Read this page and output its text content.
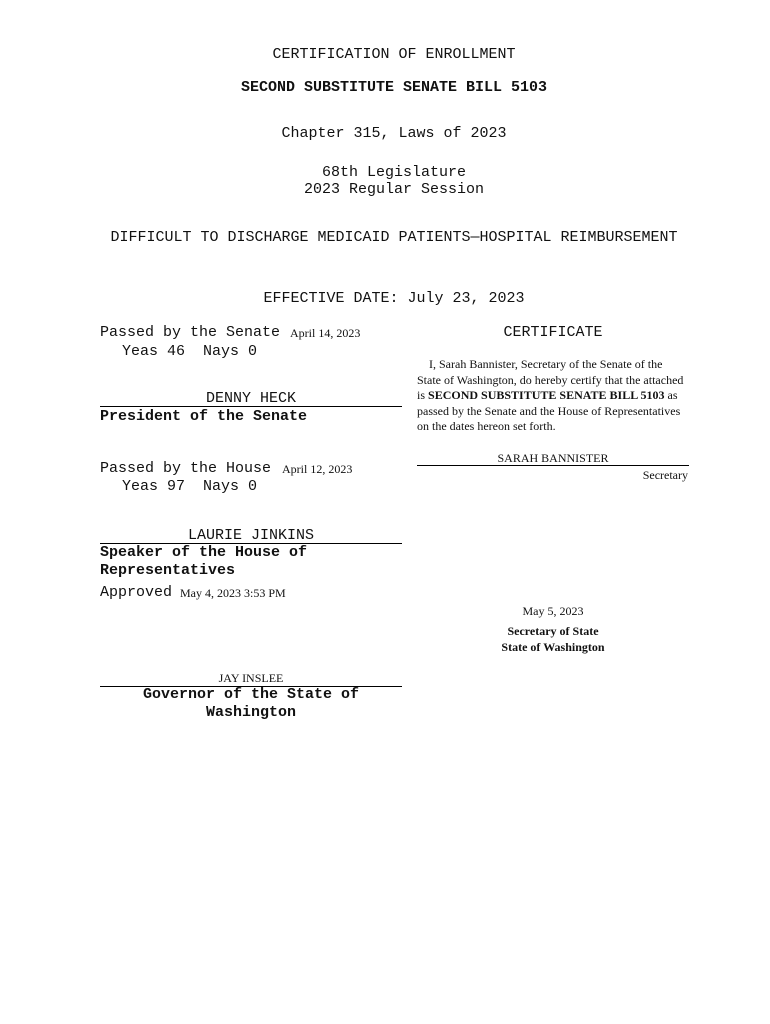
CERTIFICATION OF ENROLLMENT
SECOND SUBSTITUTE SENATE BILL 5103
Chapter 315, Laws of 2023
68th Legislature
2023 Regular Session
DIFFICULT TO DISCHARGE MEDICAID PATIENTS—HOSPITAL REIMBURSEMENT
EFFECTIVE DATE: July 23, 2023
Passed by the Senate April 14, 2023
Yeas 46  Nays 0
DENNY HECK
President of the Senate
Passed by the House April 12, 2023
Yeas 97  Nays 0
LAURIE JINKINS
Speaker of the House of
Representatives
Approved May 4, 2023 3:53 PM
JAY INSLEE
Governor of the State of
Washington
CERTIFICATE
I, Sarah Bannister, Secretary of the Senate of the State of Washington, do hereby certify that the attached is SECOND SUBSTITUTE SENATE BILL 5103 as passed by the Senate and the House of Representatives on the dates hereon set forth.
SARAH BANNISTER
Secretary
May 5, 2023
Secretary of State
State of Washington
